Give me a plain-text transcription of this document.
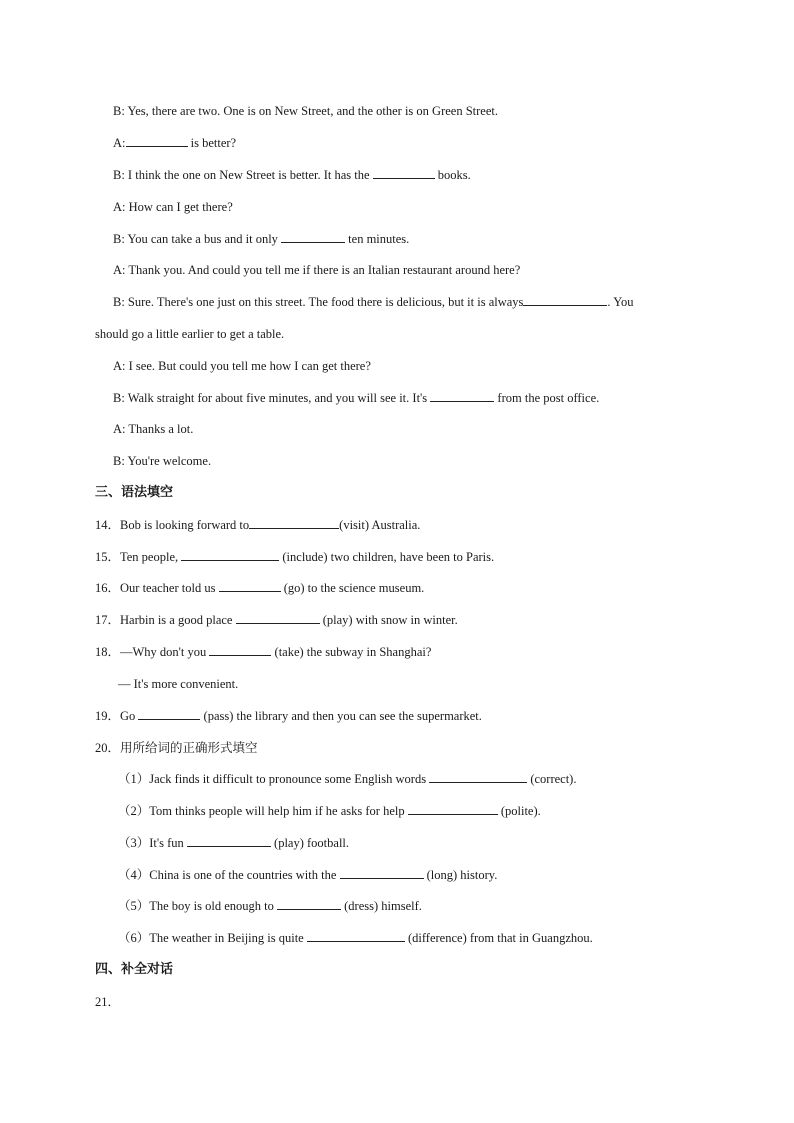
B: Yes, there are two. One is on New Street, and the other is on Green Street.
A:	is better?
B: I think the one on New Street is better. It has the	books.
A: How can I get there?
B: You can take a bus and it only	ten minutes.
A: Thank you. And could you tell me if there is an Italian restaurant around here?
B: Sure. There's one just on this street. The food there is delicious, but it is always	. You
should go a little earlier to get a table.
A: I see. But could you tell me how I can get there?
B: Walk straight for about five minutes, and you will see it. It's	from the post office.
A: Thanks a lot.
B: You're welcome.
三、语法填空
14．Bob is looking forward to	(visit) Australia.
15．Ten people,	(include) two children, have been to Paris.
16．Our teacher told us	(go) to the science museum.
17．Harbin is a good place	(play) with snow in winter.
18．—Why don't you	(take) the subway in Shanghai?
— It's more convenient.
19．Go	(pass) the library and then you can see the supermarket.
20．用所给词的正确形式填空
（1）Jack finds it difficult to pronounce some English words	(correct).
（2）Tom thinks people will help him if he asks for help	(polite).
（3）It's fun	(play) football.
（4）China is one of the countries with the	(long) history.
（5）The boy is old enough to	(dress) himself.
（6）The weather in Beijing is quite	(difference) from that in Guangzhou.
四、补全对话
21．
